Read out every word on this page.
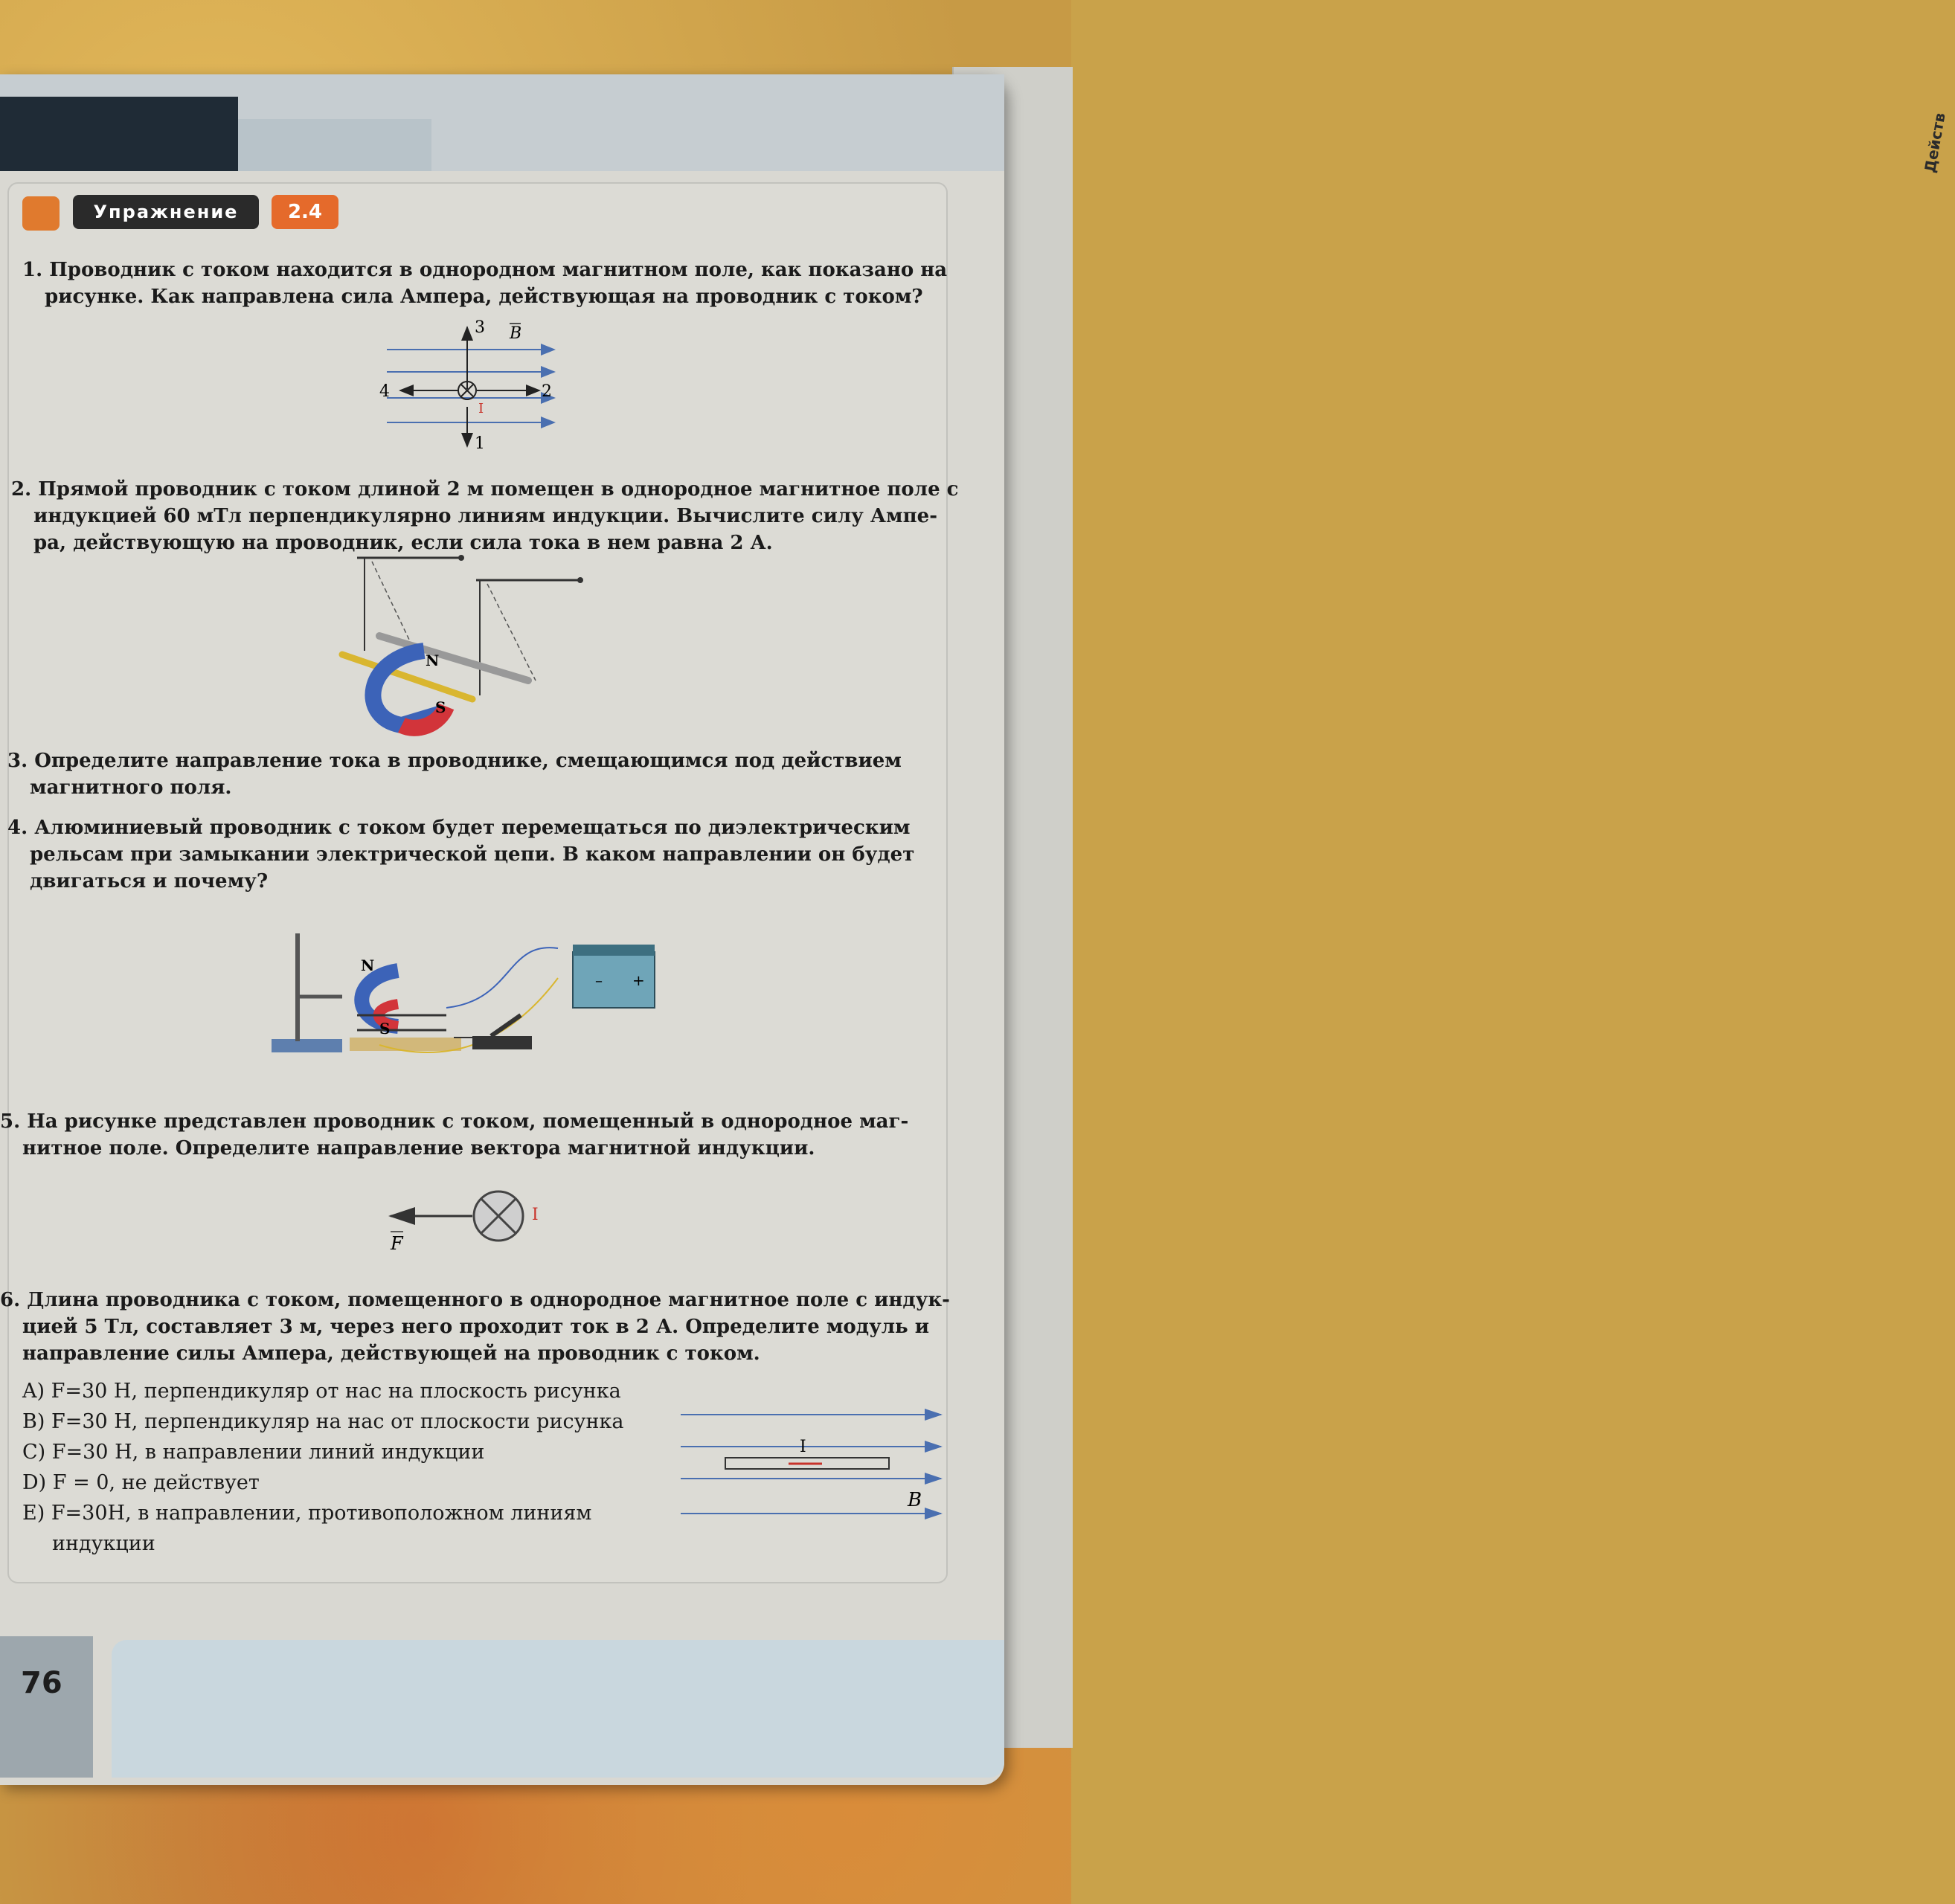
Действ
Упражнение	2.4
1. Проводник с током находится в однородном магнитном поле, как показано на
рисунке. Как направлена сила Ампера, действующая на проводник с током?
3 B
4	2
1
I
2. Прямой проводник с током длиной 2 м помещен в однородное магнитное поле с
индукцией 60 мТл перпендикулярно линиям индукции. Вычислите силу Ампе-
ра, действующую на проводник, если сила тока в нем равна 2 А.
N
S
3. Определите направление тока в проводнике, смещающимся под действием
магнитного поля.
4. Алюминиевый проводник с током будет перемещаться по диэлектрическим
рельсам при замыкании электрической цепи. В каком направлении он будет
двигаться и почему?
N
S
– +
5. На рисунке представлен проводник с током, помещенный в однородное маг-
нитное поле. Определите направление вектора магнитной индукции.
I
F
6. Длина проводника с током, помещенного в однородное магнитное поле с индук-
цией 5 Тл, составляет 3 м, через него проходит ток в 2 А. Определите модуль и
направление силы Ампера, действующей на проводник с током.
A) F=30 Н, перпендикуляр от нас на плоскость рисунка
B) F=30 Н, перпендикуляр на нас от плоскости рисунка
C) F=30 Н, в направлении линий индукции
D) F = 0, не действует
E) F=30Н, в направлении, противоположном линиям
индукции
I
B
76
